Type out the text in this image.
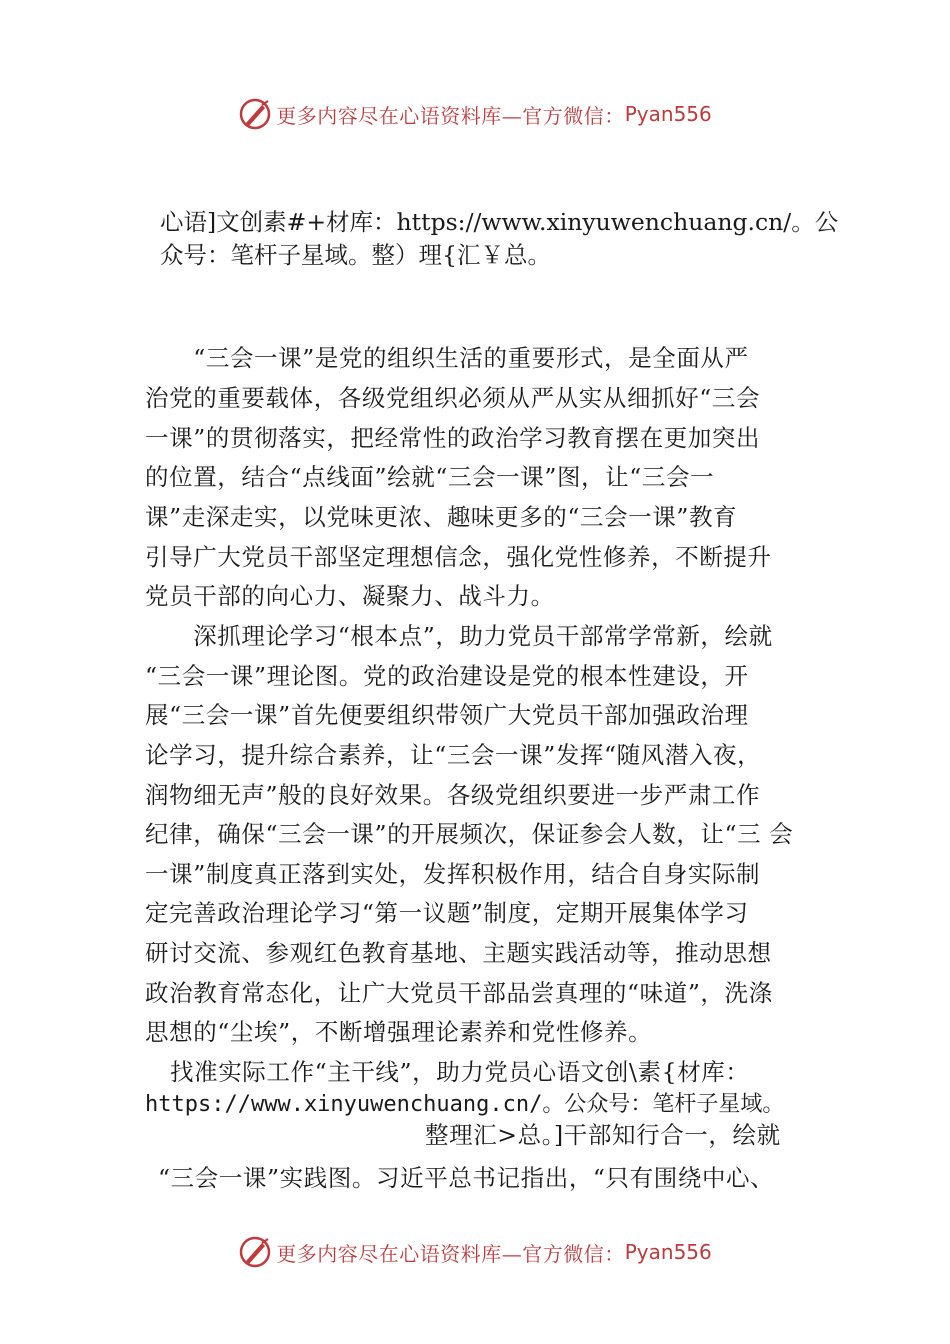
更多内容尽在心语资料库—官方微信： Pyan556
心语]文创素#+材库：https://www.xinyuwenchuang.cn/。公
众号：笔杆子星域。整）理{汇￥总。
　　“三会一课”是党的组织生活的重要形式，是全面从严
治党的重要载体，各级党组织必须从严从实从细抓好“三会
一课”的贯彻落实，把经常性的政治学习教育摆在更加突出
的位置，结合“点线面”绘就“三会一课”图，让“三会一
课”走深走实，以党味更浓、趣味更多的“三会一课”教育
引导广大党员干部坚定理想信念，强化党性修养，不断提升
党员干部的向心力、凝聚力、战斗力。
　　深抓理论学习“根本点”，助力党员干部常学常新，绘就
“三会一课”理论图。党的政治建设是党的根本性建设，开
展“三会一课”首先便要组织带领广大党员干部加强政治理
论学习，提升综合素养，让“三会一课”发挥“随风潜入夜，
润物细无声”般的良好效果。各级党组织要进一步严肃工作
纪律，确保“三会一课”的开展频次，保证参会人数，让“三 会
一课”制度真正落到实处，发挥积极作用，结合自身实际制
定完善政治理论学习“第一议题”制度，定期开展集体学习
研讨交流、参观红色教育基地、主题实践活动等，推动思想
政治教育常态化，让广大党员干部品尝真理的“味道”，洗涤
思想的“尘埃”，不断增强理论素养和党性修养。
找准实际工作“主干线”，助力党员心语文创\素{材库：
https://www.xinyuwenchuang.cn/。公众号：笔杆子星域。
整理汇>总。]干部知行合一，绘就
“三会一课”实践图。习近平总书记指出，“只有围绕中心、
更多内容尽在心语资料库—官方微信： Pyan556
